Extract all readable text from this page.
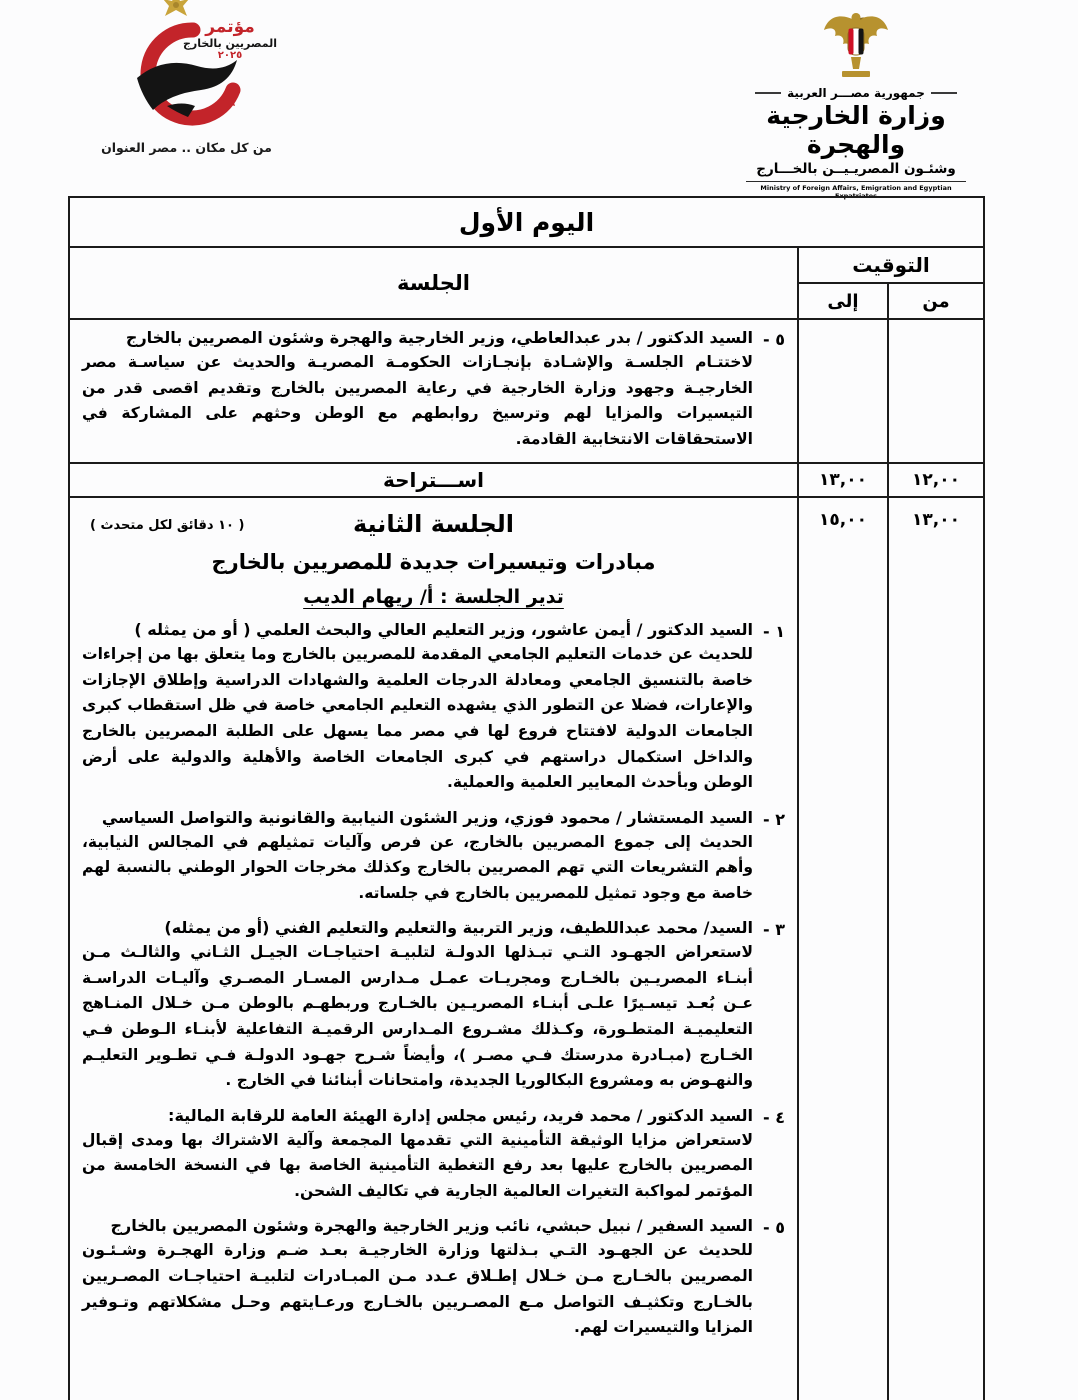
مؤتمر
المصريين بالخارج
٢٠٢٥
من كل مكان .. مصر العنوان
جمهورية مصـــر العربية
وزارة الخارجية والهجرة
وشئـون المصريـيــن بالخـــارج
Ministry of Foreign Affairs, Emigration and Egyptian Expatriates
اليوم الأول		
التوقيت		الجلسة
من	إلى	

		٥ -
السيد الدكتور / بدر عبدالعاطي، وزير الخارجية والهجرة وشئون المصريين بالخارج
لاختتـام الجلسـة والإشـادة بإنجـازات الحكومـة المصريـة والحديث عن سياسـة مصر الخارجيـة وجهود وزارة الخارجية في رعاية المصريين بالخارج وتقديم اقصى قدر من التيسيرات والمزايا لهم وترسيخ روابطهم مع الوطن وحثهم على المشاركة في الاستحقاقات الانتخابية القادمة.

١٢,٠٠	١٣,٠٠	اســـتراحة
١٣,٠٠	١٥,٠٠	
( ١٠ دقائق لكل متحدث )	الجلسة الثانية
مبادرات وتيسيرات جديدة للمصريين بالخارج
تدير الجلسة : أ/ ريهام الديب
١ -
السيد الدكتور / أيمن عاشور، وزير التعليم العالي والبحث العلمي ( أو من يمثله )
للحديث عن خدمات التعليم الجامعي المقدمة للمصريين بالخارج وما يتعلق بها من إجراءات خاصة بالتنسيق الجامعي ومعادلة الدرجات العلمية والشهادات الدراسية وإطلاق الإجازات والإعارات، فضلا عن التطور الذي يشهده التعليم الجامعي خاصة في ظل استقطاب كبرى الجامعات الدولية لافتتاح فروع لها في مصر مما يسهل على الطلبة المصريين بالخارج والداخل استكمال دراستهم في كبرى الجامعات الخاصة والأهلية والدولية على أرض الوطن وبأحدث المعايير العلمية والعملية.
٢ -
السيد المستشار / محمود فوزي، وزير الشئون النيابية والقانونية والتواصل السياسي
الحديث إلى جموع المصريين بالخارج، عن فرص وآليات تمثيلهم في المجالس النيابية، وأهم التشريعات التي تهم المصريين بالخارج وكذلك مخرجات الحوار الوطني بالنسبة لهم خاصة مع وجود تمثيل للمصريين بالخارج في جلساته.
٣ -
السيد/ محمد عبداللطيف، وزير التربية والتعليم والتعليم الفني (أو من يمثله)
لاستعراض الجهـود التـي تبـذلها الدولـة لتلبيـة احتياجـات الجيـل الثـاني والثالـث مـن أبنـاء المصريـين بالخـارج ومجريـات عمـل مـدارس المسـار المصـري وآليـات الدراسـة عـن بُعـد تيسـيرًا علـى أبنـاء المصريـين بالخـارج وربطهـم بالوطن مـن خـلال المنـاهج التعليميـة المتطـورة، وكـذلك مشـروع المـدارس الرقميـة التفاعلية لأبنـاء الـوطن فـي الخـارج (مبـادرة مدرستك فـي مصـر )، وأيضاً شـرح جهـود الدولـة فـي تطـوير التعليـم والنهـوض به ومشروع البكالوريا الجديدة، وامتحانات أبنائنا في الخارج .
٤ -
السيد الدكتور / محمد فريد، رئيس مجلس إدارة الهيئة العامة للرقابة المالية:
لاستعراض مزايا الوثيقة التأمينية التي تقدمها المجمعة وآلية الاشتراك بها ومدى إقبال المصريين بالخارج عليها بعد رفع التغطية التأمينية الخاصة بها في النسخة الخامسة من المؤتمر لمواكبة التغيرات العالمية الجارية في تكاليف الشحن.
٥ -
السيد السفير / نبيل حبشي، نائب وزير الخارجية والهجرة وشئون المصريين بالخارج
للحديث عن الجهـود التـي بـذلتها وزارة الخارجيـة بعـد ضـم وزارة الهجـرة وشـئـون المصريين بالخـارج مـن خـلال إطـلاق عـدد مـن المبـادرات لتلبيـة احتياجـات المصـريين بالخـارج وتكثيـف التواصل مـع المصـريين بالخـارج ورعـايتهم وحـل مشكلاتهم وتـوفير المزايا والتيسيرات لهم.
